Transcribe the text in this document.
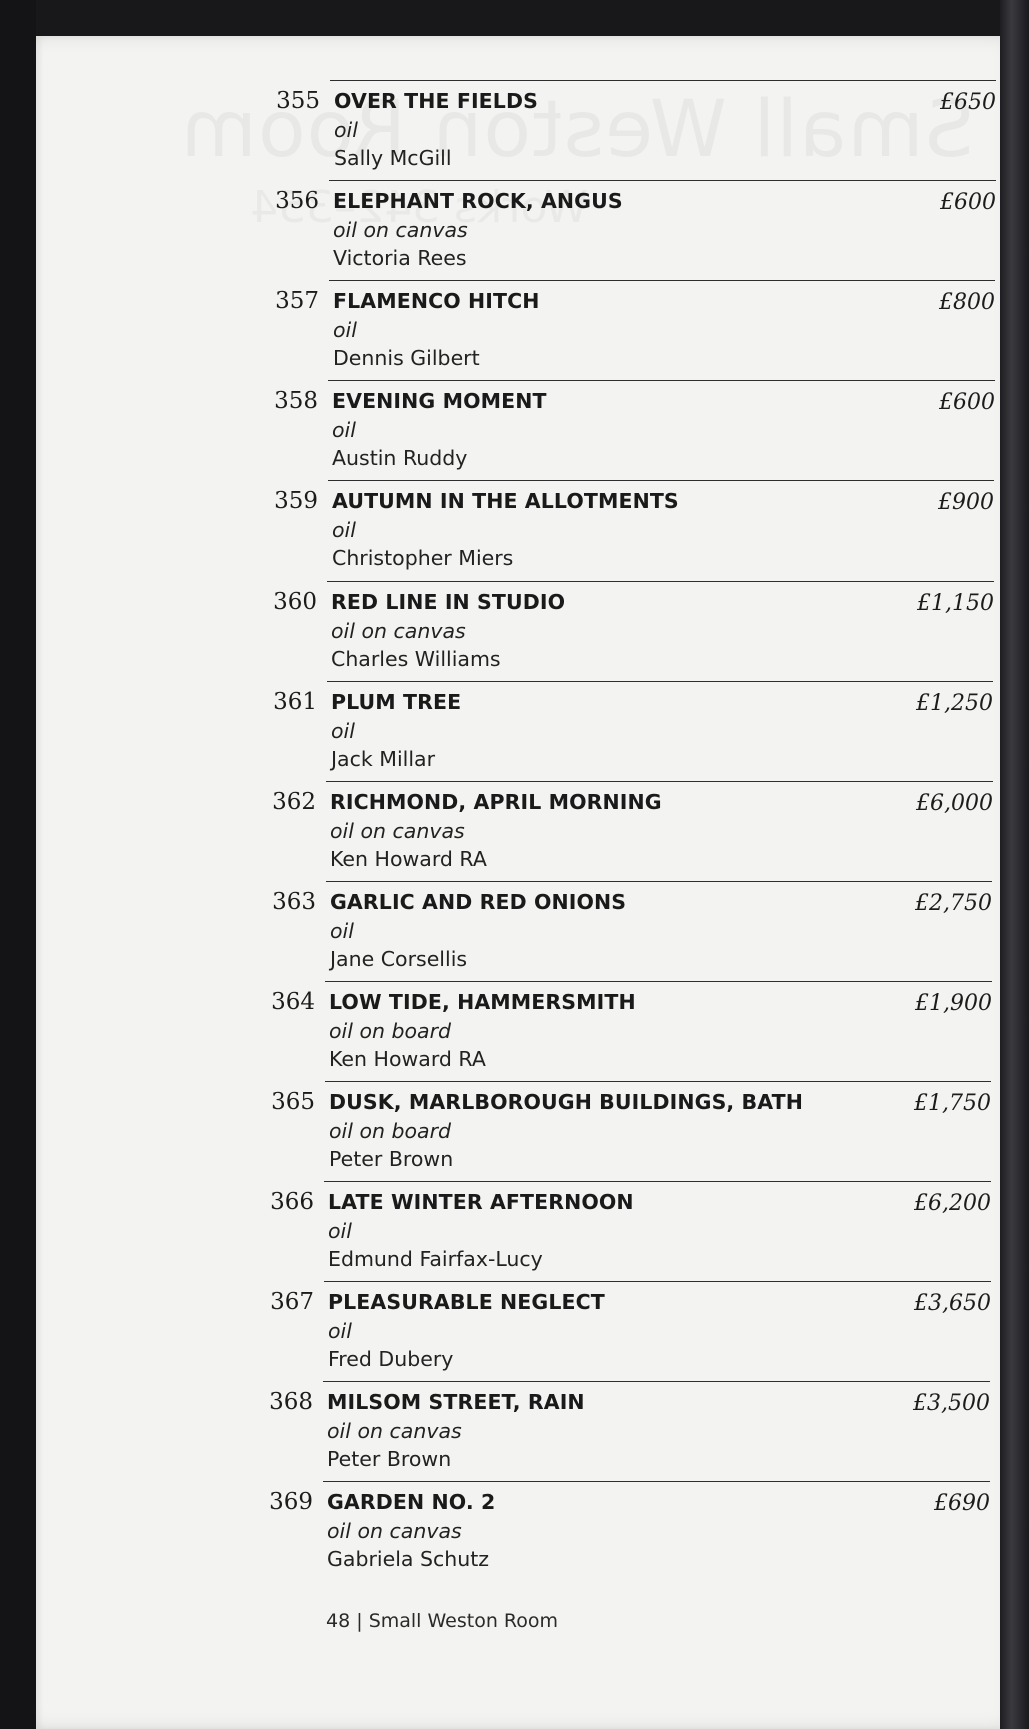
355 OVER THE FIELDS
oil
Sally McGill
£650
356 ELEPHANT ROCK, ANGUS
oil on canvas
Victoria Rees
£600
357 FLAMENCO HITCH
oil
Dennis Gilbert
£800
358 EVENING MOMENT
oil
Austin Ruddy
£600
359 AUTUMN IN THE ALLOTMENTS
oil
Christopher Miers
£900
360 RED LINE IN STUDIO
oil on canvas
Charles Williams
£1,150
361 PLUM TREE
oil
Jack Millar
£1,250
362 RICHMOND, APRIL MORNING
oil on canvas
Ken Howard RA
£6,000
363 GARLIC AND RED ONIONS
oil
Jane Corsellis
£2,750
364 LOW TIDE, HAMMERSMITH
oil on board
Ken Howard RA
£1,900
365 DUSK, MARLBOROUGH BUILDINGS, BATH
oil on board
Peter Brown
£1,750
366 LATE WINTER AFTERNOON
oil
Edmund Fairfax-Lucy
£6,200
367 PLEASURABLE NEGLECT
oil
Fred Dubery
£3,650
368 MILSOM STREET, RAIN
oil on canvas
Peter Brown
£3,500
369 GARDEN NO. 2
oil on canvas
Gabriela Schutz
£690
48 | Small Weston Room
